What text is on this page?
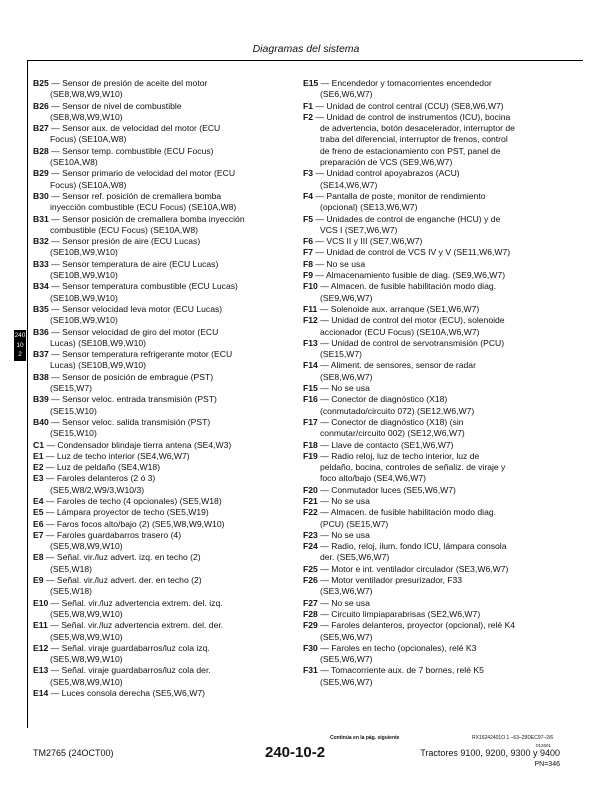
Diagramas del sistema
240
10
2
B25 — Sensor de presión de aceite del motor
(SE8,W8,W9,W10)
B26 — Sensor de nivel de combustible
(SE8,W8,W9,W10)
B27 — Sensor aux. de velocidad del motor (ECU
Focus) (SE10A,W8)
B28 — Sensor temp. combustible (ECU Focus)
(SE10A,W8)
B29 — Sensor primario de velocidad del motor (ECU
Focus) (SE10A,W8)
B30 — Sensor ref. posición de cremallera bomba
inyección combustible (ECU Focus) (SE10A,W8)
B31 — Sensor posición de cremallera bomba inyección
combustible (ECU Focus) (SE10A,W8)
B32 — Sensor presión de aire (ECU Lucas)
(SE10B,W9,W10)
B33 — Sensor temperatura de aire (ECU Lucas)
(SE10B,W9,W10)
B34 — Sensor temperatura combustible (ECU Lucas)
(SE10B,W9,W10)
B35 — Sensor velocidad leva motor (ECU Lucas)
(SE10B,W9,W10)
B36 — Sensor velocidad de giro del motor (ECU
Lucas) (SE10B,W9,W10)
B37 — Sensor temperatura refrigerante motor (ECU
Lucas) (SE10B,W9,W10)
B38 — Sensor de posición de embrague (PST)
(SE15,W7)
B39 — Sensor veloc. entrada transmisión (PST)
(SE15,W10)
B40 — Sensor veloc. salida transmisión (PST)
(SE15,W10)
C1 — Condensador blindaje tierra antena (SE4,W3)
E1 — Luz de techo interior (SE4,W6,W7)
E2 — Luz de peldaño (SE4,W18)
E3 — Faroles delanteros (2 ó 3)
(SE5,W8/2,W9/3,W10/3)
E4 — Faroles de techo (4 opcionales) (SE5,W18)
E5 — Lámpara proyector de techo (SE5,W19)
E6 — Faros focos alto/bajo (2) (SE5,W8,W9,W10)
E7 — Faroles guardabarros trasero (4)
(SE5,W8,W9,W10)
E8 — Señal. vir./luz advert. izq. en techo (2)
(SE5,W18)
E9 — Señal. vir./luz advert. der. en techo (2)
(SE5,W18)
E10 — Señal. vir./luz advertencia extrem. del. izq.
(SE5,W8,W9,W10)
E11 — Señal. vir./luz advertencia extrem. del. der.
(SE5,W8,W9,W10)
E12 — Señal. viraje guardabarros/luz cola izq.
(SE5,W8,W9,W10)
E13 — Señal. viraje guardabarros/luz cola der.
(SE5,W8,W9,W10)
E14 — Luces consola derecha (SE5,W6,W7)
E15 — Encendedor y tomacorrientes encendedor
(SE6,W6,W7)
F1 — Unidad de control central (CCU) (SE8,W6,W7)
F2 — Unidad de control de instrumentos (ICU), bocina
de advertencia, botón desacelerador, interruptor de
traba del diferencial, interruptor de frenos, control
de freno de estacionamiento con PST, panel de
preparación de VCS (SE9,W6,W7)
F3 — Unidad control apoyabrazos (ACU)
(SE14,W6,W7)
F4 — Pantalla de poste, monitor de rendimiento
(opcional) (SE13,W6,W7)
F5 — Unidades de control de enganche (HCU) y de
VCS I (SE7,W6,W7)
F6 — VCS II y III (SE7,W6,W7)
F7 — Unidad de control de VCS IV y V (SE11,W6,W7)
F8 — No se usa
F9 — Almacenamiento fusible de diag. (SE9,W6,W7)
F10 — Almacen. de fusible habilitación modo diag.
(SE9,W6,W7)
F11 — Solenoide aux. arranque (SE1,W6,W7)
F12 — Unidad de control del motor (ECU), solenoide
accionador (ECU Focus) (SE10A,W6,W7)
F13 — Unidad de control de servotransmisión (PCU)
(SE15,W7)
F14 — Aliment. de sensores, sensor de radar
(SE8,W6,W7)
F15 — No se usa
F16 — Conector de diagnóstico (X18)
(conmutado/circuito 072) (SE12,W6,W7)
F17 — Conector de diagnóstico (X18) (sin
conmutar/circuito 002) (SE12,W6,W7)
F18 — Llave de contacto (SE1,W6,W7)
F19 — Radio reloj, luz de techo interior, luz de
peldaño, bocina, controles de señaliz. de viraje y
foco alto/bajo (SE4,W6,W7)
F20 — Conmutador luces (SE5,W6,W7)
F21 — No se usa
F22 — Almacen. de fusible habilitación modo diag.
(PCU) (SE15,W7)
F23 — No se usa
F24 — Radio, reloj, ilum. fondo ICU, lámpara consola
der. (SE5,W6,W7)
F25 — Motor e int. ventilador circulador (SE3,W6,W7)
F26 — Motor ventilador presurizador, F33
(SE3,W6,W7)
F27 — No se usa
F28 — Circuito limpiaparabrisas (SE2,W6,W7)
F29 — Faroles delanteros, proyector (opcional), relé K4
(SE5,W6,W7)
F30 — Faroles en techo (opcionales), relé K3
(SE5,W6,W7)
F31 — Tomacorriente aux. de 7 bornes, relé K5
(SE5,W6,W7)
Continúa en la pág. siguiente	RX16242401O.1 –63–29DEC97–2/6
012601
TM2765 (24OCT00)	240-10-2	Tractores 9100, 9200, 9300 y 9400
PN=346
